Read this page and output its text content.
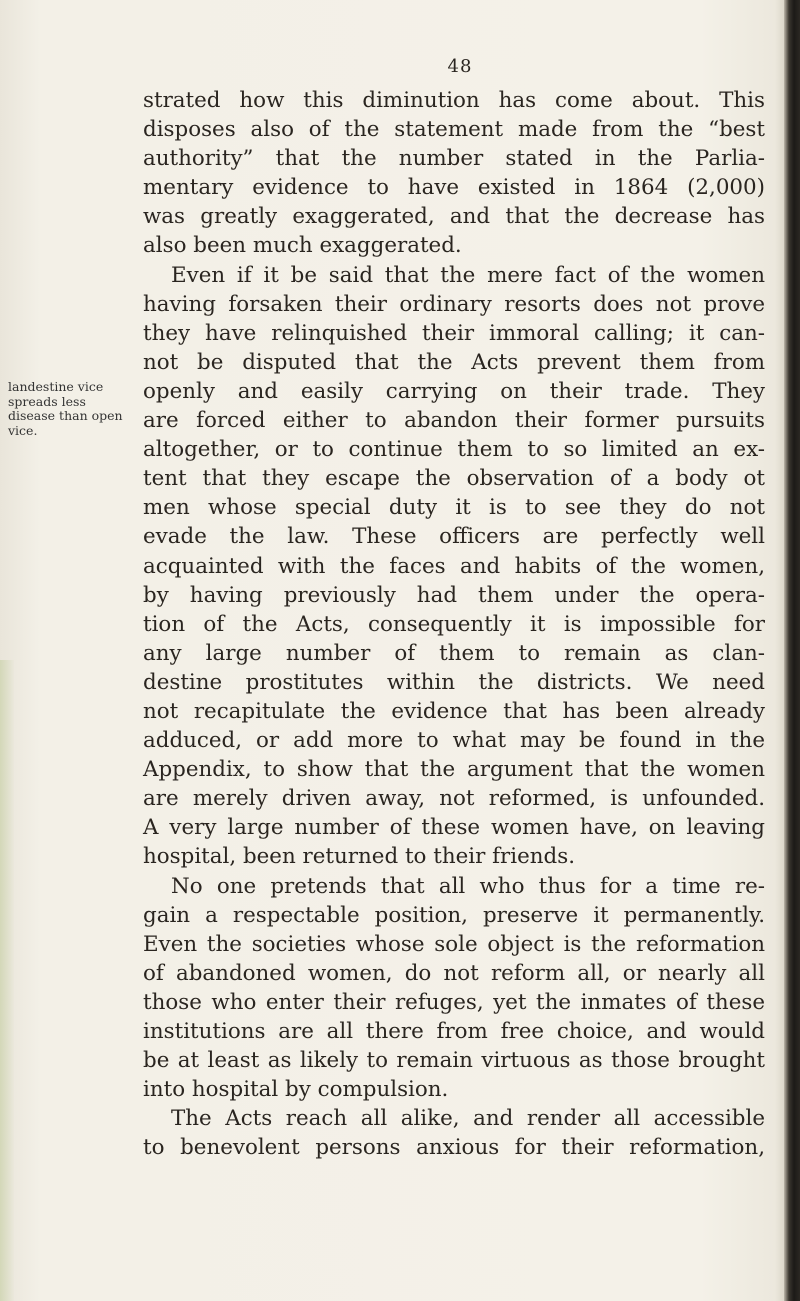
48
landestine vice
spreads less
disease than open
vice.
strated how this diminution has come about. This
disposes also of the statement made from the “best
authority” that the number stated in the Parlia-
mentary evidence to have existed in 1864 (2,000)
was greatly exaggerated, and that the decrease has
also been much exaggerated.
Even if it be said that the mere fact of the women
having forsaken their ordinary resorts does not prove
they have relinquished their immoral calling; it can-
not be disputed that the Acts prevent them from
openly and easily carrying on their trade. They
are forced either to abandon their former pursuits
altogether, or to continue them to so limited an ex-
tent that they escape the observation of a body ot
men whose special duty it is to see they do not
evade the law. These officers are perfectly well
acquainted with the faces and habits of the women,
by having previously had them under the opera-
tion of the Acts, consequently it is impossible for
any large number of them to remain as clan-
destine prostitutes within the districts. We need
not recapitulate the evidence that has been already
adduced, or add more to what may be found in the
Appendix, to show that the argument that the women
are merely driven away, not reformed, is unfounded.
A very large number of these women have, on leaving
hospital, been returned to their friends.
No one pretends that all who thus for a time re-
gain a respectable position, preserve it permanently.
Even the societies whose sole object is the reformation
of abandoned women, do not reform all, or nearly all
those who enter their refuges, yet the inmates of these
institutions are all there from free choice, and would
be at least as likely to remain virtuous as those brought
into hospital by compulsion.
The Acts reach all alike, and render all accessible
to benevolent persons anxious for their reformation,
